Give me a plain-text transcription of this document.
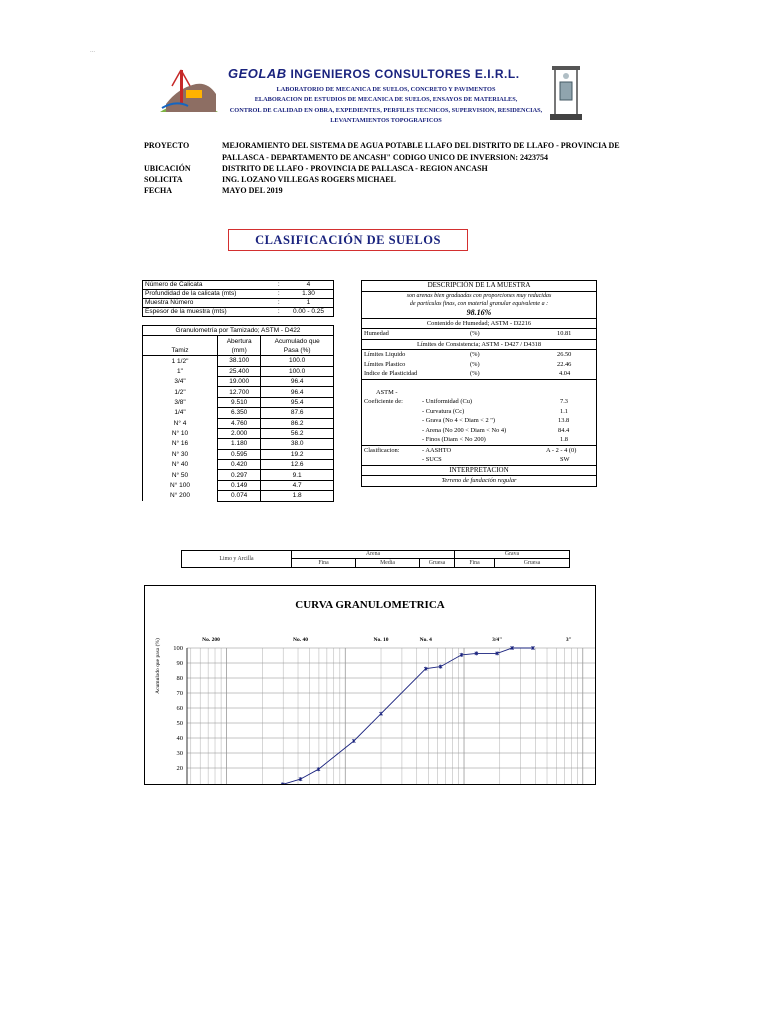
...
GEOLAB INGENIEROS CONSULTORES E.I.R.L.
LABORATORIO DE MECANICA DE SUELOS, CONCRETO Y PAVIMENTOS
ELABORACION DE ESTUDIOS DE MECANICA DE SUELOS, ENSAYOS DE MATERIALES,
CONTROL DE CALIDAD EN OBRA, EXPEDIENTES, PERFILES TECNICOS, SUPERVISION, RESIDENCIAS,
LEVANTAMIENTOS TOPOGRAFICOS
PROYECTO	MEJORAMIENTO DEL SISTEMA DE AGUA POTABLE LLAFO DEL DISTRITO DE LLAFO - PROVINCIA DE
PALLASCA - DEPARTAMENTO DE ANCASH" CODIGO UNICO DE INVERSION: 2423754
UBICACIÓN	DISTRITO DE LLAFO - PROVINCIA DE PALLASCA - REGION ANCASH
SOLICITA	ING. LOZANO VILLEGAS ROGERS MICHAEL
FECHA	MAYO DEL 2019
CLASIFICACIÓN DE SUELOS
Número de Calicata	:	4
Profundidad de la calicata (mts)	:	1.30
Muestra Número	:	1
Espesor de la muestra (mts)	:	0.00 - 0.25
Granulometría por Tamizado; ASTM - D422		
	Abertura	Acumulado que
Tamiz	(mm)	Pasa (%)
1 1/2"	38.100	100.0
1"	25.400	100.0
3/4"	19.000	96.4
1/2"	12.700	96.4
3/8"	9.510	95.4
1/4"	6.350	87.6
N° 4	4.760	86.2
N° 10	2.000	56.2
N° 16	1.180	38.0
N° 30	0.595	19.2
N° 40	0.420	12.6
N° 50	0.297	9.1
N° 100	0.149	4.7
N° 200	0.074	1.8
DESCRIPCIÓN DE LA MUESTRA
son arenas bien graduadas con proporciones muy reducidas
de partículas finas, con material granular equivalente a :
98.16%
Contenido de Humedad; ASTM - D2216
Humedad	(%)	10.81
Límites de Consistencia; ASTM - D427 / D4318
Límites Liquido	(%)	26.50
Límites Plastico	(%)	22.46
Indice de Plasticidad	(%)	4.04
ASTM -
Coeficiente de:	- Uniformidad (Cu)	7.3
- Curvatura (Cc)	1.1
- Grava (No 4 < Diam < 2 ")	13.8
- Arena (No 200 < Diam < No 4)	84.4
- Finos (Diam < No 200)	1.8
Clasificacion:	- AASHTO	A - 2 - 4 (0)
- SUCS	SW
INTERPRETACION
Terreno de fundación regular
Limo y Arcilla
Arena	Grava
Fina	Media	Gruesa	Fina	Gruesa
CURVA GRANULOMETRICA
Acumulado que pasa (%)
20
30
40
50
60
70
80
90
100
No. 200	No. 40	No. 10	No. 4	3/4"	3"
